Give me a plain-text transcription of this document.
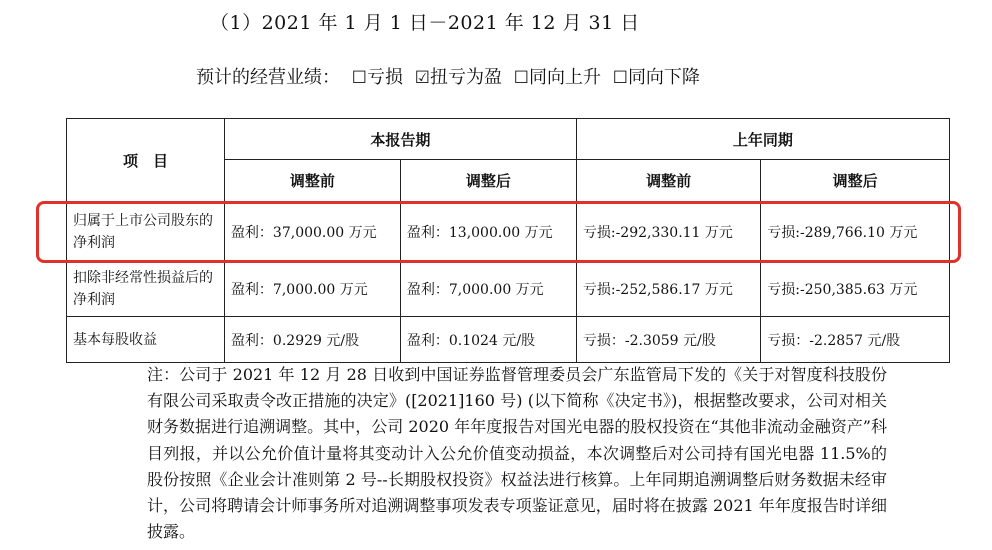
（1）2021 年 1 月 1 日－2021 年 12 月 31 日
预计的经营业绩： ☐亏损 ☑扭亏为盈 ☐同向上升 ☐同向下降
项　目	本报告期		上年同期	
	调整前	调整后	调整前	调整后
归属于上市公司股东的净利润	盈利：37,000.00 万元	盈利：13,000.00 万元	亏损:-292,330.11 万元	亏损:-289,766.10 万元
扣除非经常性损益后的净利润	盈利：7,000.00 万元	盈利：7,000.00 万元	亏损:-252,586.17 万元	亏损:-250,385.63 万元
基本每股收益	盈利：0.2929 元/股	盈利：0.1024 元/股	亏损：-2.3059 元/股	亏损：-2.2857 元/股
注：公司于 2021 年 12 月 28 日收到中国证券监督管理委员会广东监管局下发的《关于对智度科技股份有限公司采取责令改正措施的决定》([2021]160 号) (以下简称《决定书》)，根据整改要求，公司对相关财务数据进行追溯调整。其中，公司 2020 年年度报告对国光电器的股权投资在“其他非流动金融资产”科目列报，并以公允价值计量将其变动计入公允价值变动损益，本次调整后对公司持有国光电器 11.5%的股份按照《企业会计准则第 2 号--长期股权投资》权益法进行核算。上年同期追溯调整后财务数据未经审计，公司将聘请会计师事务所对追溯调整事项发表专项鉴证意见，届时将在披露 2021 年年度报告时详细披露。
